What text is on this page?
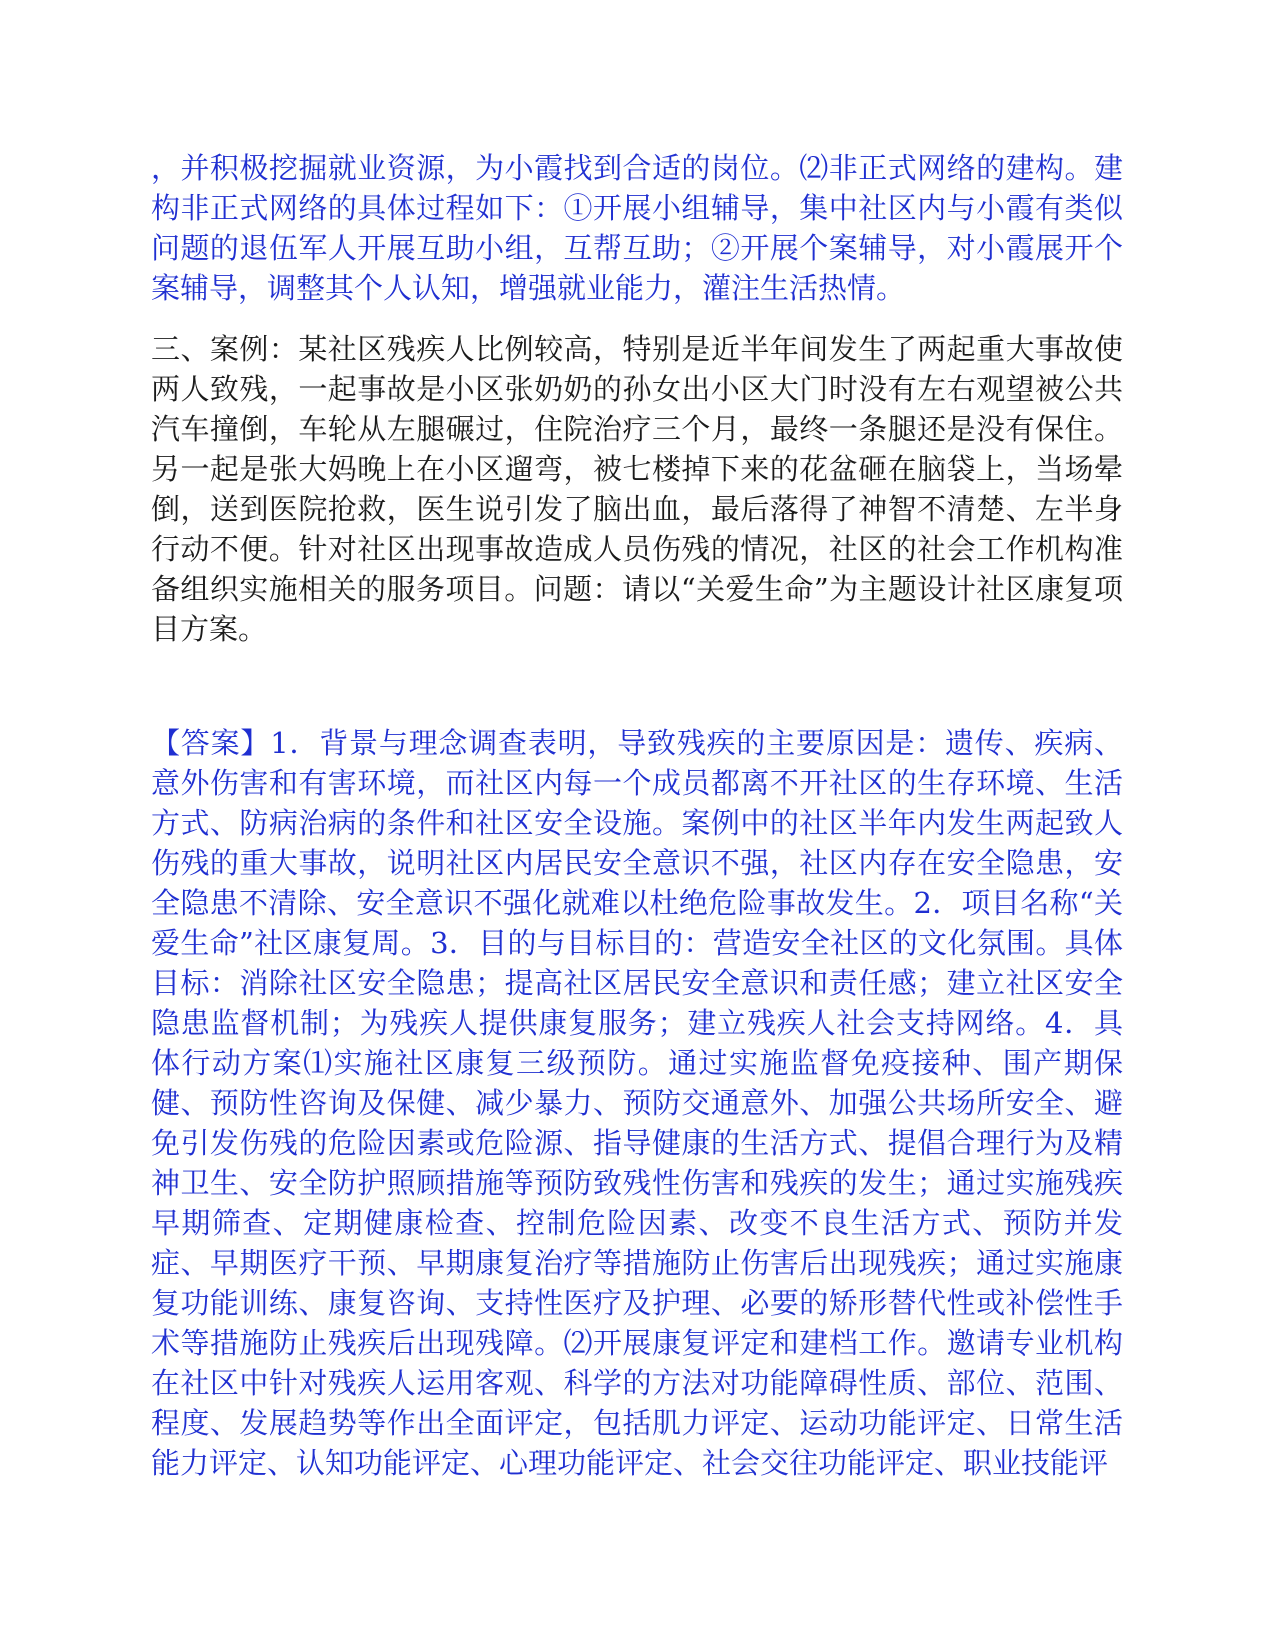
，并积极挖掘就业资源，为小霞找到合适的岗位。⑵非正式网络的建构。建构非正式网络的具体过程如下：①开展小组辅导，集中社区内与小霞有类似问题的退伍军人开展互助小组，互帮互助；②开展个案辅导，对小霞展开个案辅导，调整其个人认知，增强就业能力，灌注生活热情。

三、案例：某社区残疾人比例较高，特别是近半年间发生了两起重大事故使两人致残，一起事故是小区张奶奶的孙女出小区大门时没有左右观望被公共汽车撞倒，车轮从左腿碾过，住院治疗三个月，最终一条腿还是没有保住。另一起是张大妈晚上在小区遛弯，被七楼掉下来的花盆砸在脑袋上，当场晕倒，送到医院抢救，医生说引发了脑出血，最后落得了神智不清楚、左半身行动不便。针对社区出现事故造成人员伤残的情况，社区的社会工作机构准备组织实施相关的服务项目。问题：请以“关爱生命”为主题设计社区康复项目方案。

【答案】1．背景与理念调查表明，导致残疾的主要原因是：遗传、疾病、意外伤害和有害环境，而社区内每一个成员都离不开社区的生存环境、生活方式、防病治病的条件和社区安全设施。案例中的社区半年内发生两起致人伤残的重大事故，说明社区内居民安全意识不强，社区内存在安全隐患，安全隐患不清除、安全意识不强化就难以杜绝危险事故发生。2．项目名称“关爱生命”社区康复周。3．目的与目标目的：营造安全社区的文化氛围。具体目标：消除社区安全隐患；提高社区居民安全意识和责任感；建立社区安全隐患监督机制；为残疾人提供康复服务；建立残疾人社会支持网络。4．具体行动方案⑴实施社区康复三级预防。通过实施监督免疫接种、围产期保健、预防性咨询及保健、减少暴力、预防交通意外、加强公共场所安全、避免引发伤残的危险因素或危险源、指导健康的生活方式、提倡合理行为及精神卫生、安全防护照顾措施等预防致残性伤害和残疾的发生；通过实施残疾早期筛查、定期健康检查、控制危险因素、改变不良生活方式、预防并发症、早期医疗干预、早期康复治疗等措施防止伤害后出现残疾；通过实施康复功能训练、康复咨询、支持性医疗及护理、必要的矫形替代性或补偿性手术等措施防止残疾后出现残障。⑵开展康复评定和建档工作。邀请专业机构在社区中针对残疾人运用客观、科学的方法对功能障碍性质、部位、范围、程度、发展趋势等作出全面评定，包括肌力评定、运动功能评定、日常生活能力评定、认知功能评定、心理功能评定、社会交往功能评定、职业技能评
